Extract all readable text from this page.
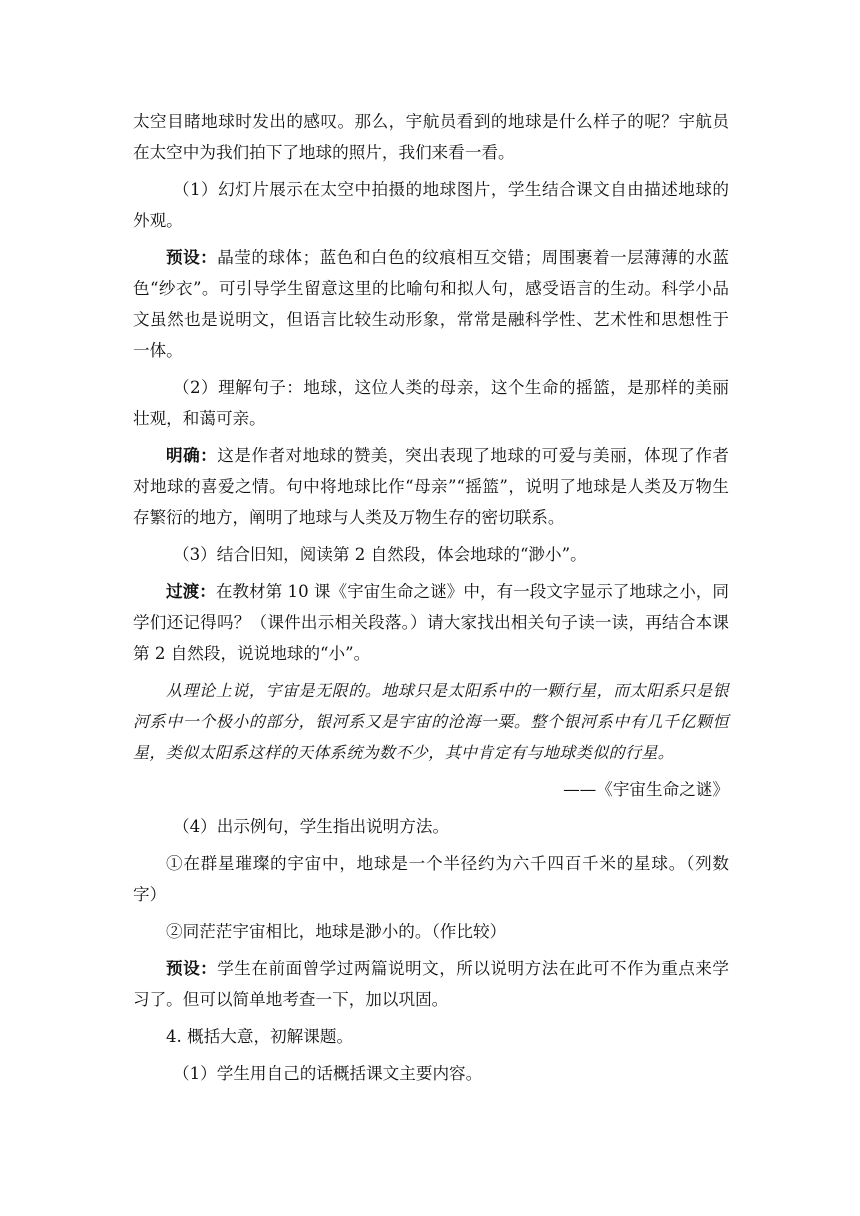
太空目睹地球时发出的感叹。那么，宇航员看到的地球是什么样子的呢？宇航员在太空中为我们拍下了地球的照片，我们来看一看。

（1）幻灯片展示在太空中拍摄的地球图片，学生结合课文自由描述地球的外观。

预设：晶莹的球体；蓝色和白色的纹痕相互交错；周围裹着一层薄薄的水蓝色“纱衣”。可引导学生留意这里的比喻句和拟人句，感受语言的生动。科学小品文虽然也是说明文，但语言比较生动形象，常常是融科学性、艺术性和思想性于一体。

（2）理解句子：地球，这位人类的母亲，这个生命的摇篮，是那样的美丽壮观，和蔼可亲。

明确：这是作者对地球的赞美，突出表现了地球的可爱与美丽，体现了作者对地球的喜爱之情。句中将地球比作“母亲”“摇篮”，说明了地球是人类及万物生存繁衍的地方，阐明了地球与人类及万物生存的密切联系。

（3）结合旧知，阅读第 2 自然段，体会地球的“渺小”。

过渡：在教材第 10 课《宇宙生命之谜》中，有一段文字显示了地球之小，同学们还记得吗？（课件出示相关段落。）请大家找出相关句子读一读，再结合本课第 2 自然段，说说地球的“小”。

从理论上说，宇宙是无限的。地球只是太阳系中的一颗行星，而太阳系只是银河系中一个极小的部分，银河系又是宇宙的沧海一粟。整个银河系中有几千亿颗恒星，类似太阳系这样的天体系统为数不少，其中肯定有与地球类似的行星。

——《宇宙生命之谜》

（4）出示例句，学生指出说明方法。

①在群星璀璨的宇宙中，地球是一个半径约为六千四百千米的星球。（列数字）

②同茫茫宇宙相比，地球是渺小的。（作比较）

预设：学生在前面曾学过两篇说明文，所以说明方法在此可不作为重点来学习了。但可以简单地考查一下，加以巩固。

4. 概括大意，初解课题。

（1）学生用自己的话概括课文主要内容。
